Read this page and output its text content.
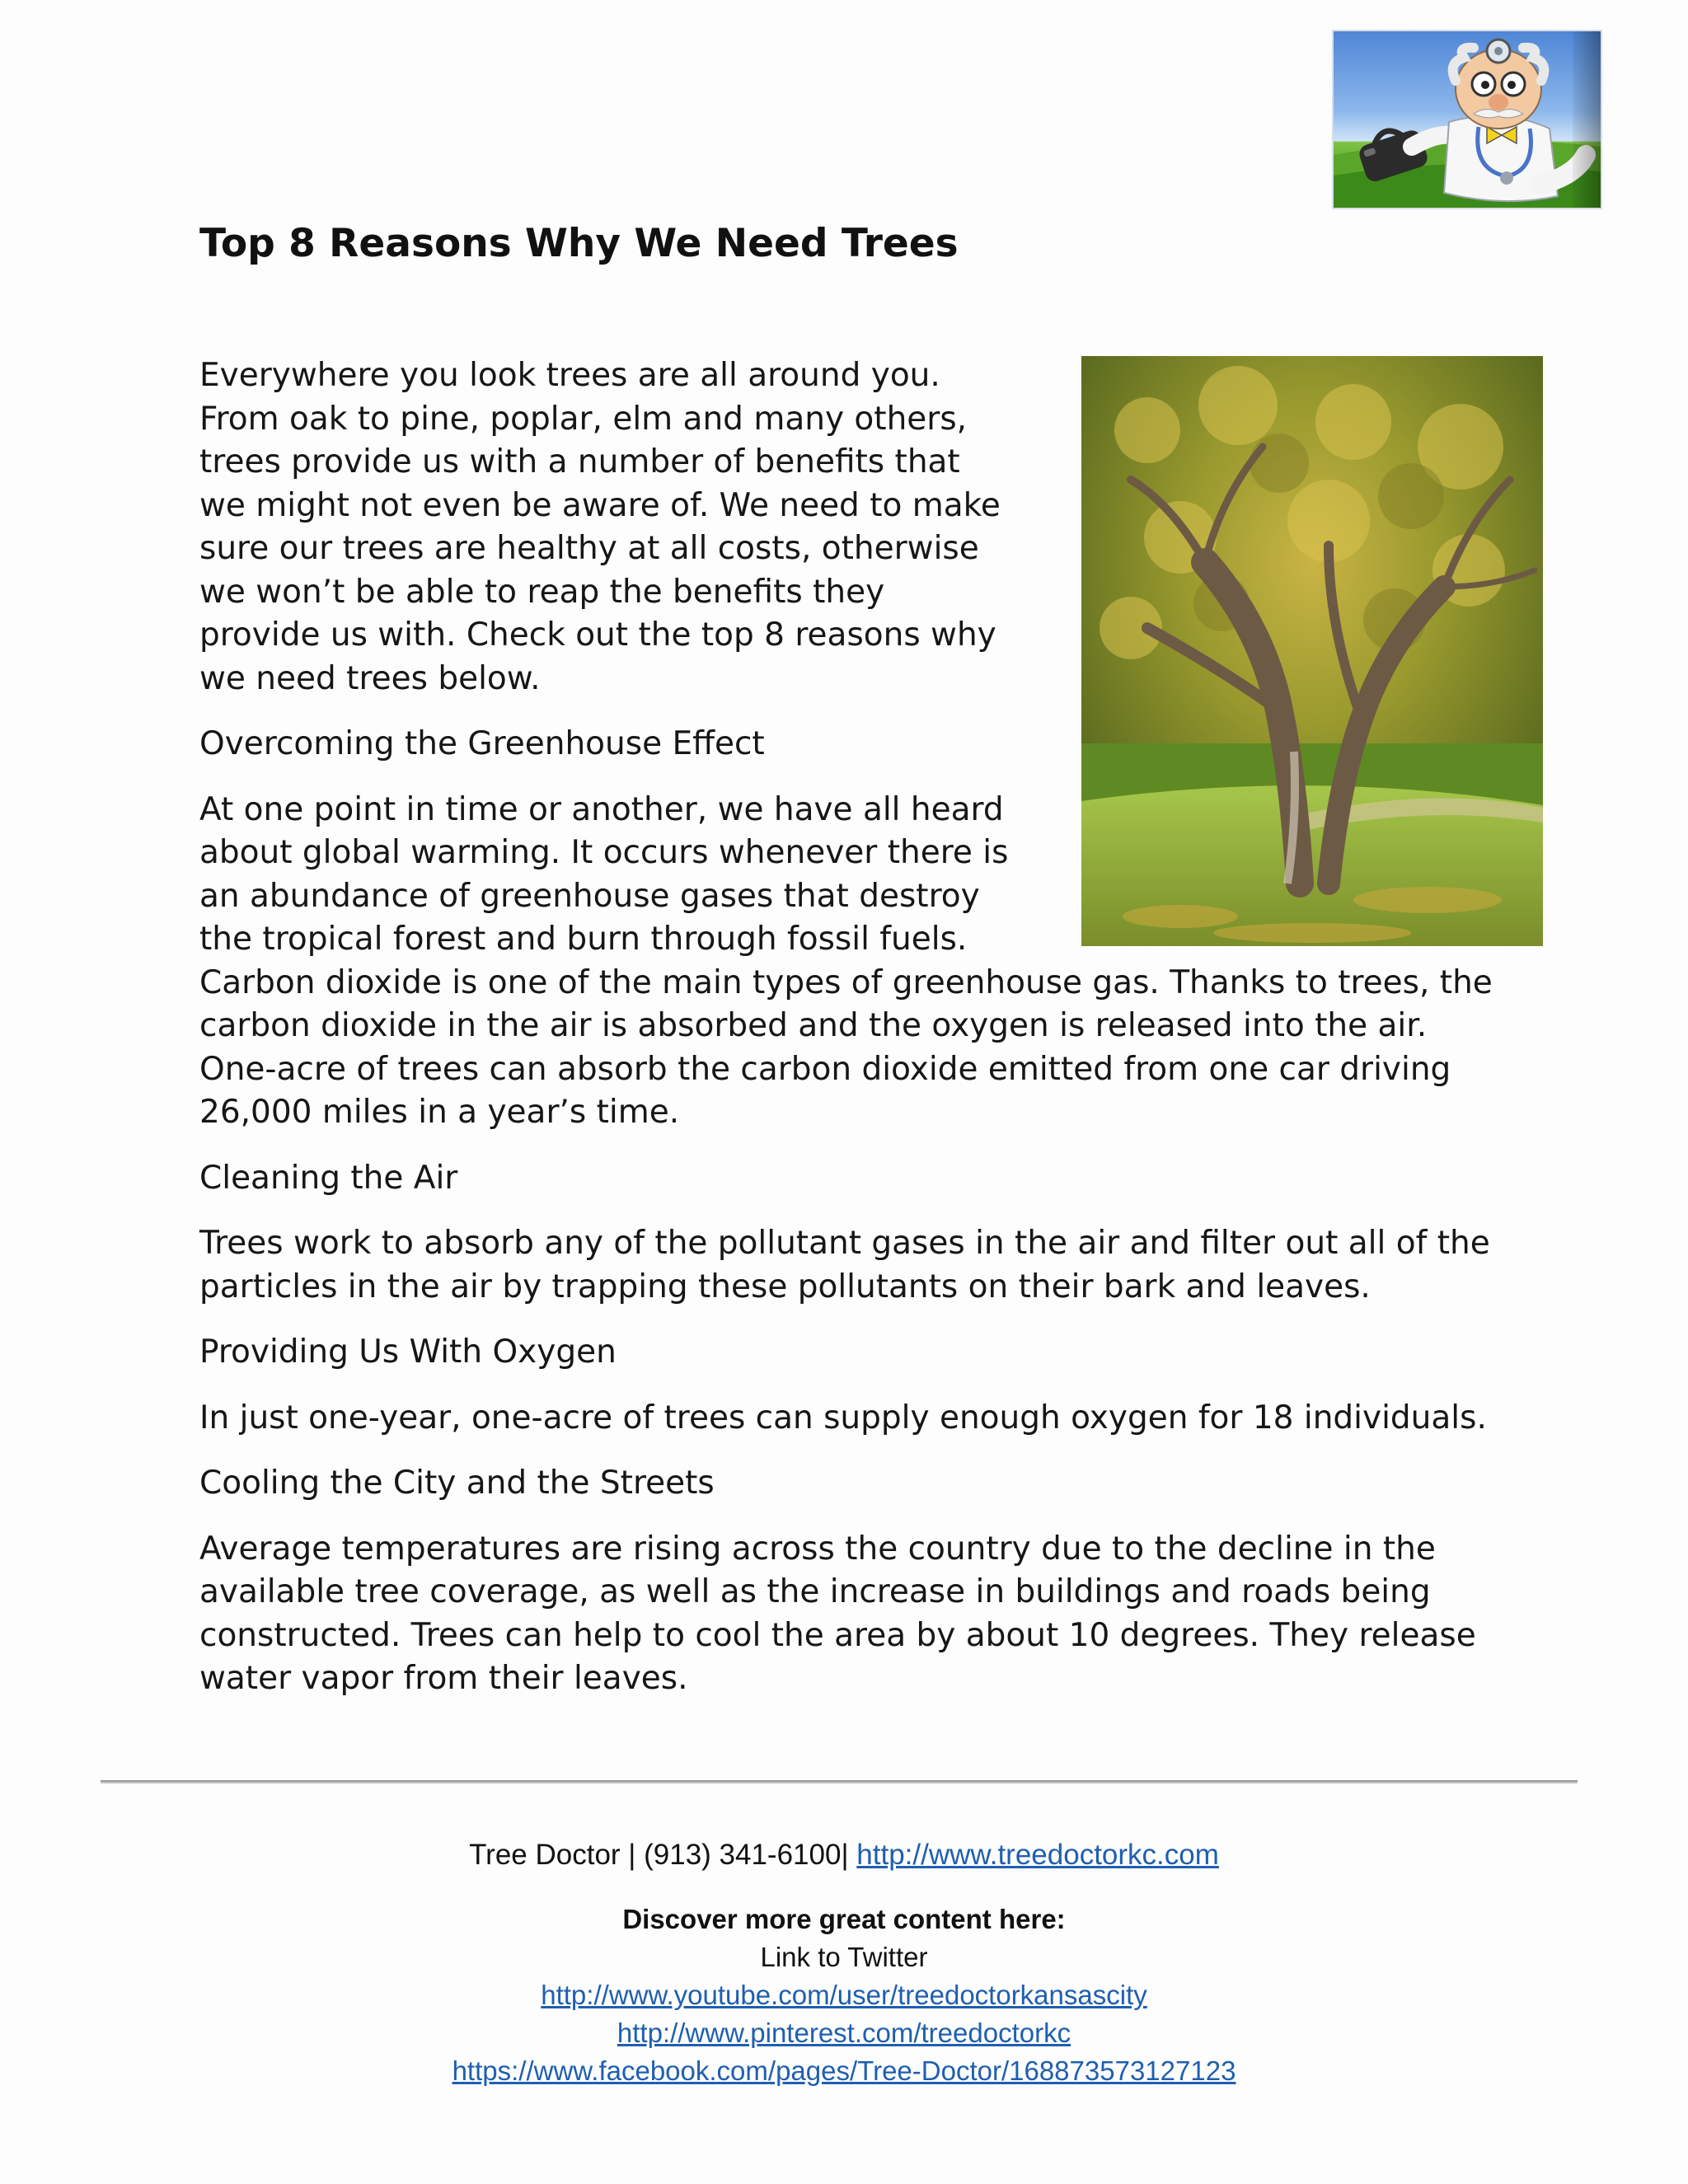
Top 8 Reasons Why We Need Trees

Everywhere you look trees are all around you. From oak to pine, poplar, elm and many others, trees provide us with a number of benefits that we might not even be aware of. We need to make sure our trees are healthy at all costs, otherwise we won’t be able to reap the benefits they provide us with. Check out the top 8 reasons why we need trees below.

Overcoming the Greenhouse Effect

At one point in time or another, we have all heard about global warming. It occurs whenever there is an abundance of greenhouse gases that destroy the tropical forest and burn through fossil fuels. Carbon dioxide is one of the main types of greenhouse gas. Thanks to trees, the carbon dioxide in the air is absorbed and the oxygen is released into the air. One-acre of trees can absorb the carbon dioxide emitted from one car driving 26,000 miles in a year’s time.

Cleaning the Air

Trees work to absorb any of the pollutant gases in the air and filter out all of the particles in the air by trapping these pollutants on their bark and leaves.

Providing Us With Oxygen

In just one-year, one-acre of trees can supply enough oxygen for 18 individuals.

Cooling the City and the Streets

Average temperatures are rising across the country due to the decline in the available tree coverage, as well as the increase in buildings and roads being constructed. Trees can help to cool the area by about 10 degrees. They release water vapor from their leaves.

Tree Doctor | (913) 341-6100| http://www.treedoctorkc.com
Discover more great content here:
Link to Twitter
http://www.youtube.com/user/treedoctorkansascity
http://www.pinterest.com/treedoctorkc
https://www.facebook.com/pages/Tree-Doctor/168873573127123
